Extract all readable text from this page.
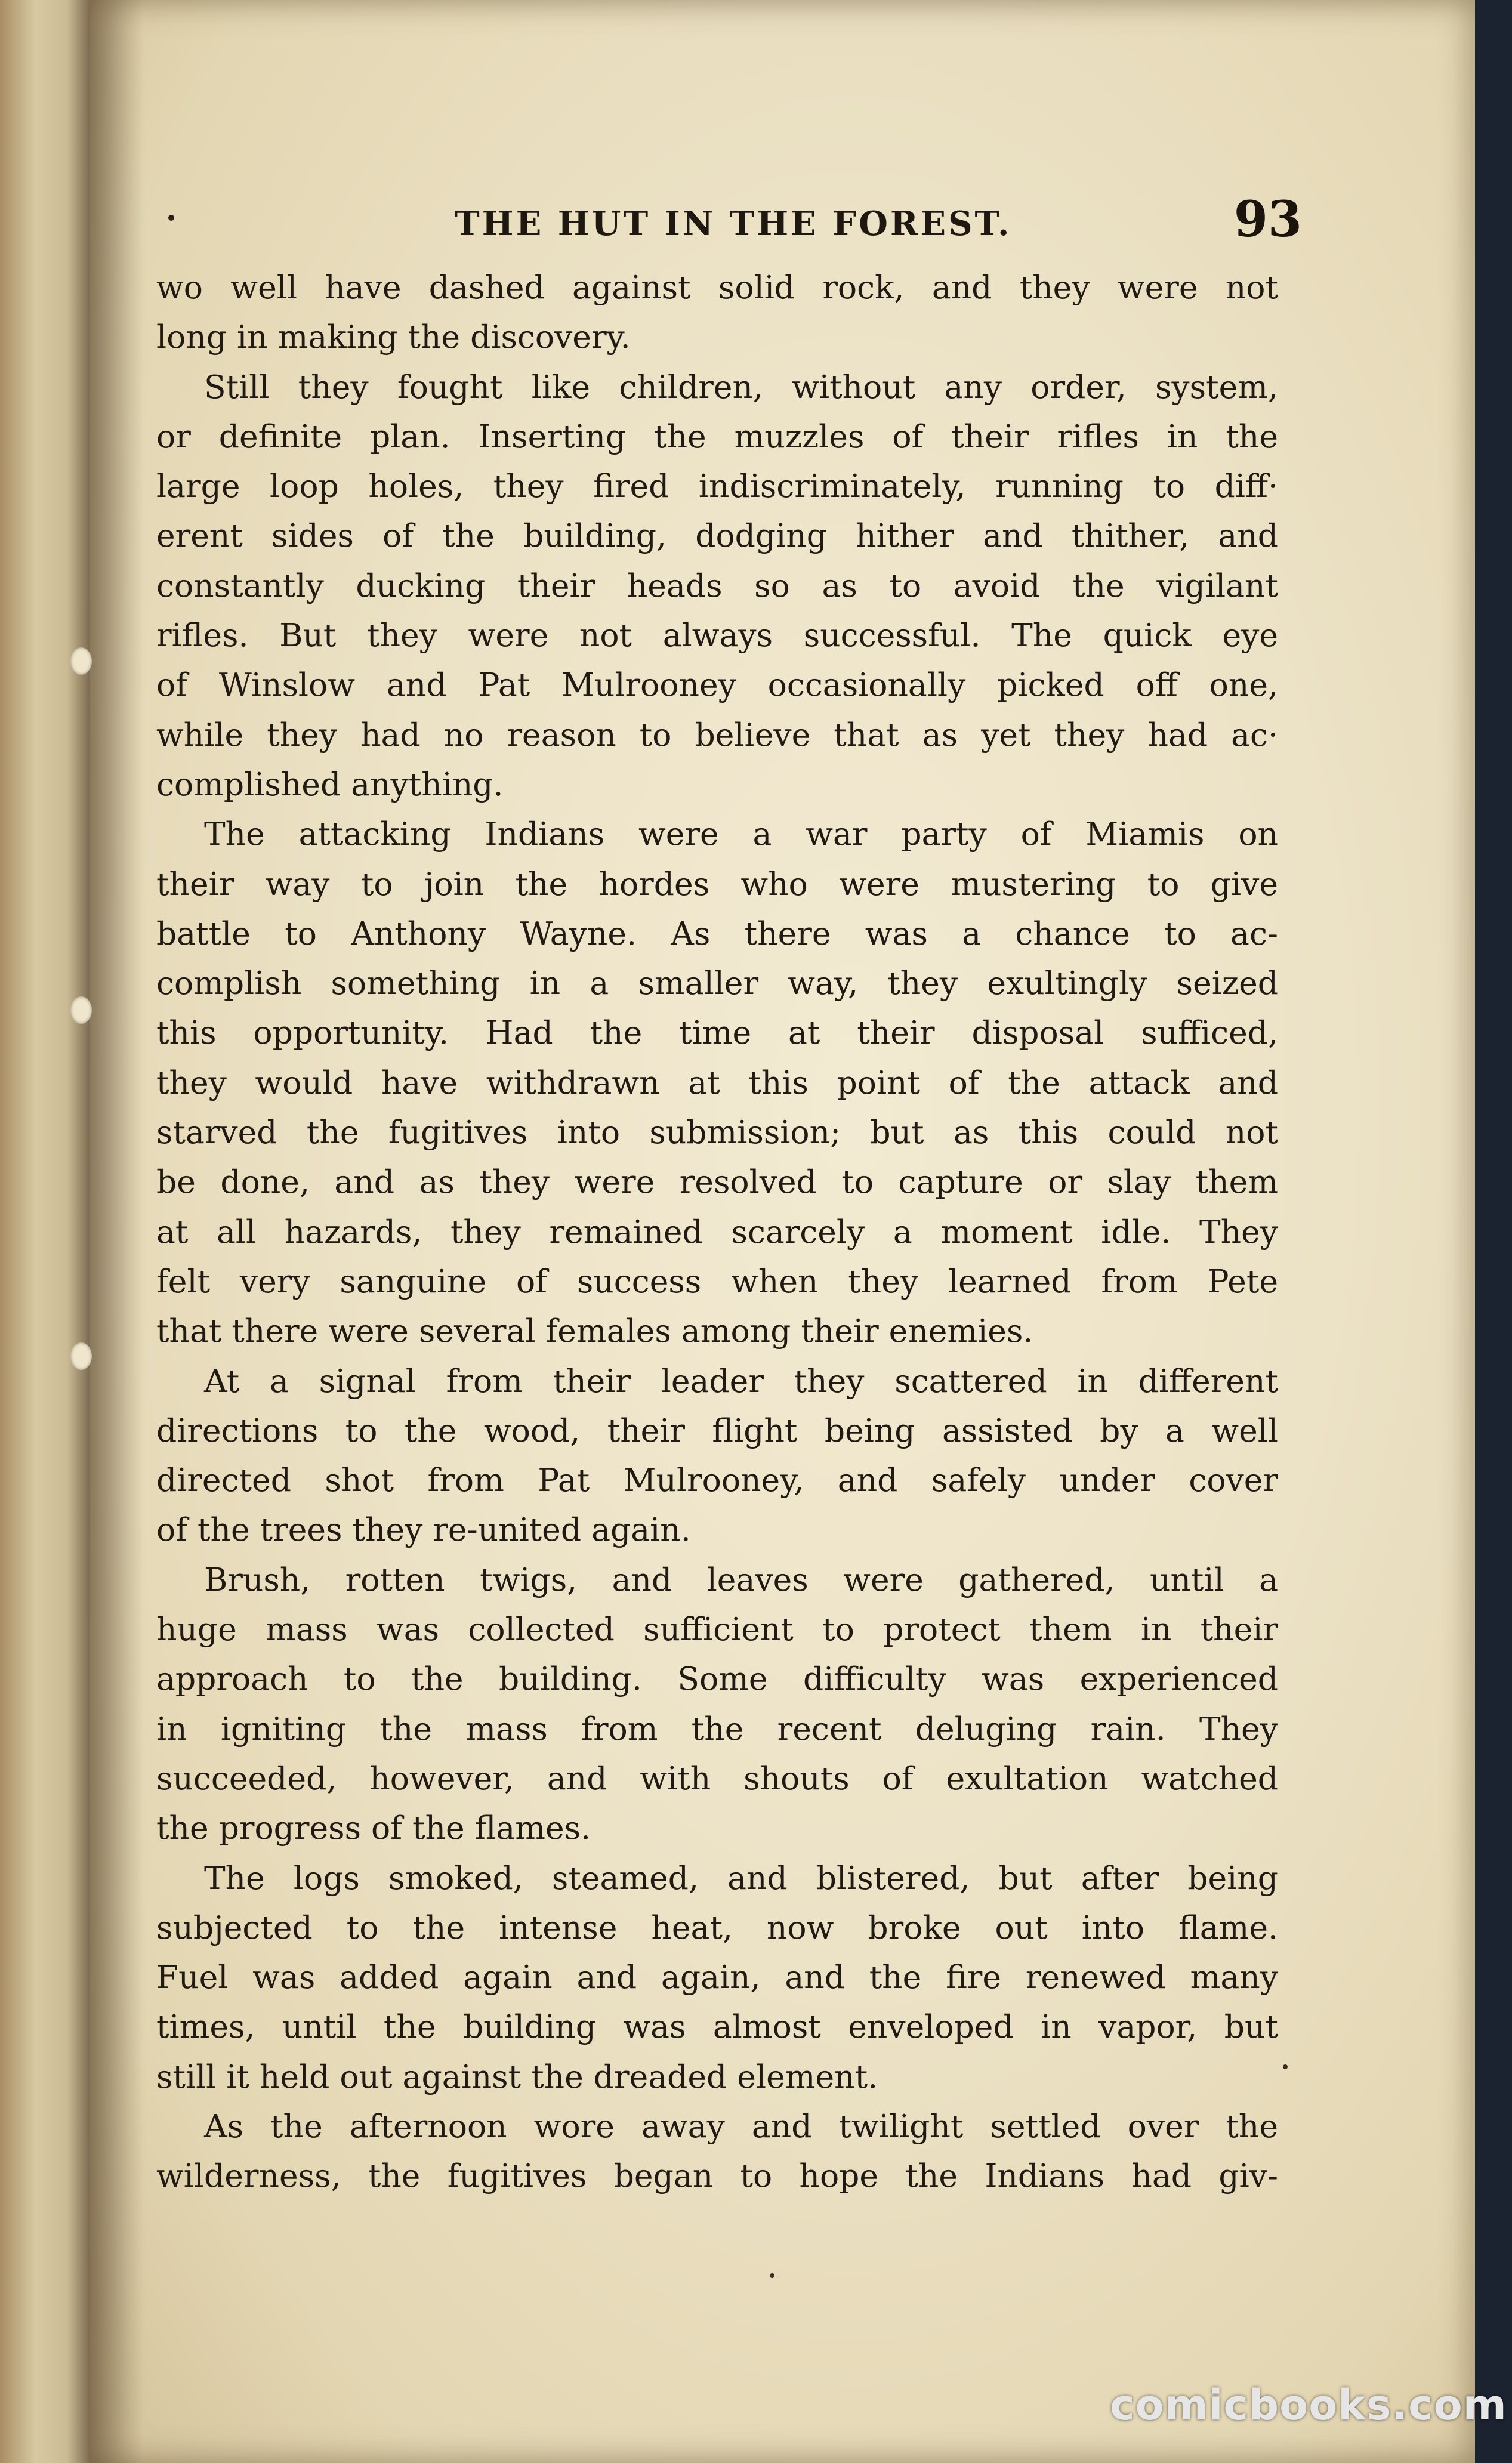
THE HUT IN THE FOREST.	93
wo well have dashed against solid rock, and they were not
long in making the discovery.
Still they fought like children, without any order, system,
or definite plan. Inserting the muzzles of their rifles in the
large loop holes, they fired indiscriminately, running to diff·
erent sides of the building, dodging hither and thither, and
constantly ducking their heads so as to avoid the vigilant
rifles. But they were not always successful. The quick eye
of Winslow and Pat Mulrooney occasionally picked off one,
while they had no reason to believe that as yet they had ac·
complished anything.
The attacking Indians were a war party of Miamis on
their way to join the hordes who were mustering to give
battle to Anthony Wayne. As there was a chance to ac-
complish something in a smaller way, they exultingly seized
this opportunity. Had the time at their disposal sufficed,
they would have withdrawn at this point of the attack and
starved the fugitives into submission; but as this could not
be done, and as they were resolved to capture or slay them
at all hazards, they remained scarcely a moment idle. They
felt very sanguine of success when they learned from Pete
that there were several females among their enemies.
At a signal from their leader they scattered in different
directions to the wood, their flight being assisted by a well
directed shot from Pat Mulrooney, and safely under cover
of the trees they re-united again.
Brush, rotten twigs, and leaves were gathered, until a
huge mass was collected sufficient to protect them in their
approach to the building. Some difficulty was experienced
in igniting the mass from the recent deluging rain. They
succeeded, however, and with shouts of exultation watched
the progress of the flames.
The logs smoked, steamed, and blistered, but after being
subjected to the intense heat, now broke out into flame.
Fuel was added again and again, and the fire renewed many
times, until the building was almost enveloped in vapor, but
still it held out against the dreaded element.
As the afternoon wore away and twilight settled over the
wilderness, the fugitives began to hope the Indians had giv-
comicbooks.com
